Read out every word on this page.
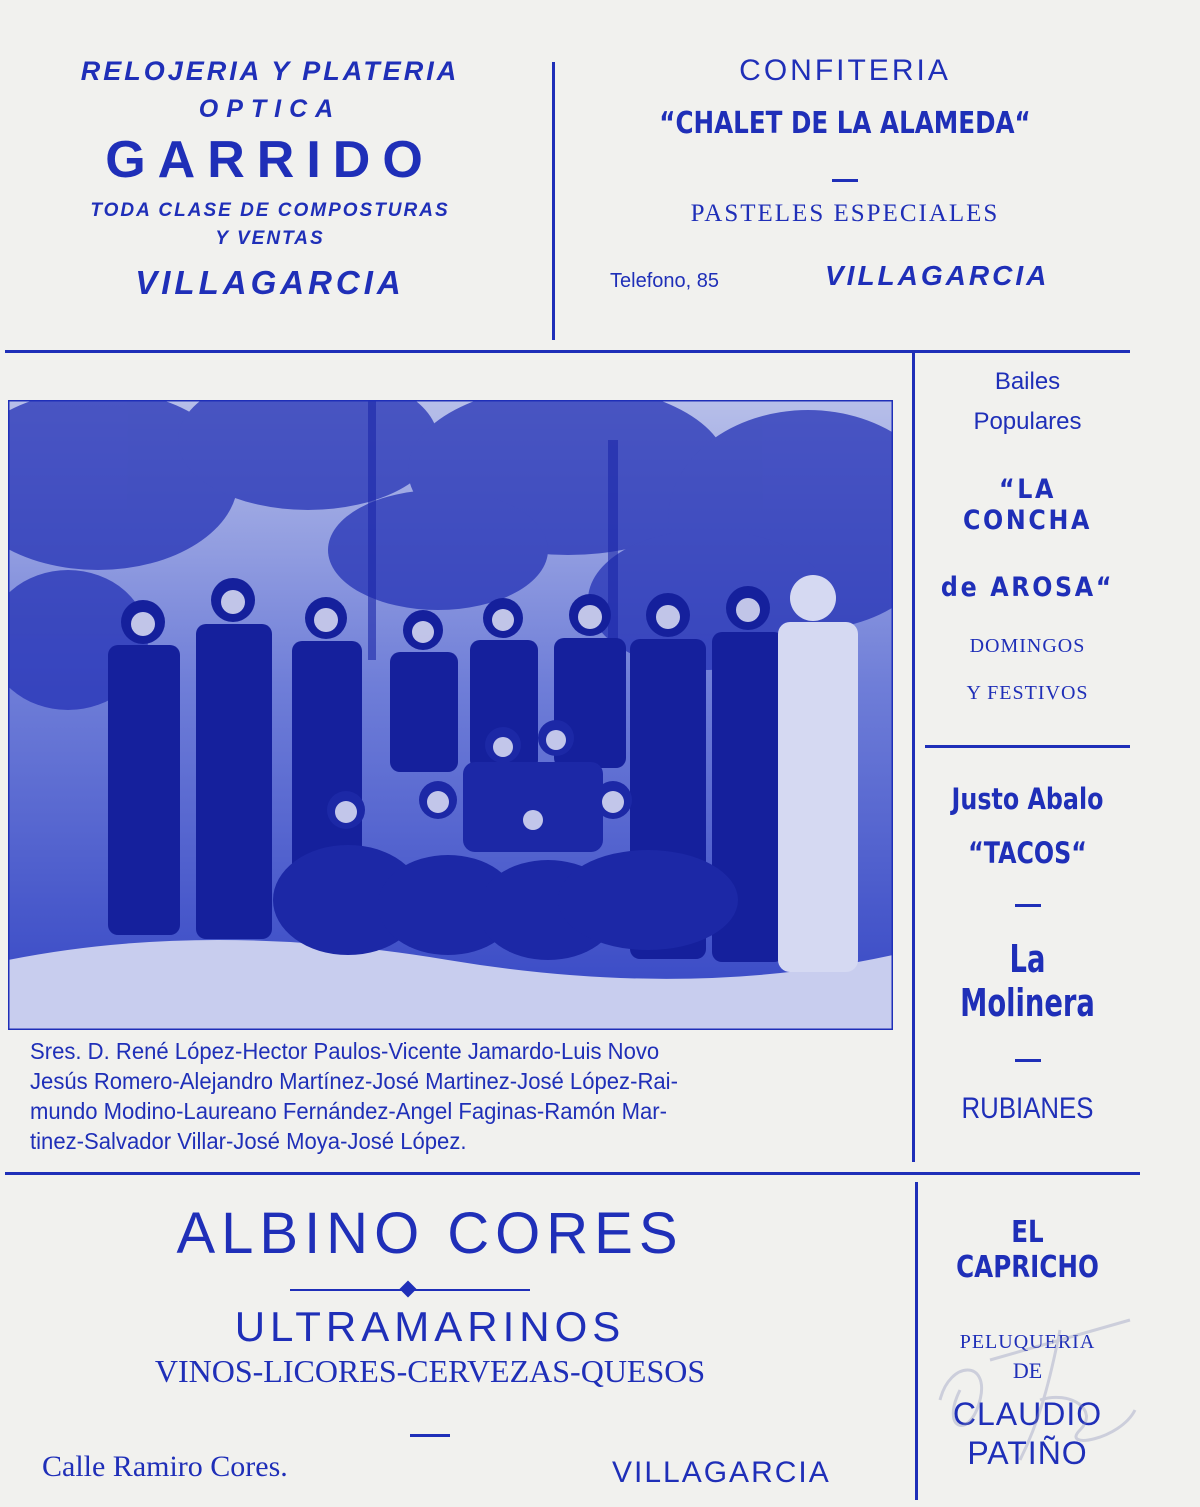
RELOJERIA Y PLATERIA
OPTICA
GARRIDO
TODA CLASE DE COMPOSTURAS
Y VENTAS
VILLAGARCIA
CONFITERIA
“CHALET DE LA ALAMEDA“
PASTELES ESPECIALES
Telefono, 85	VILLAGARCIA
Sres. D. René López-Hector Paulos-Vicente Jamardo-Luis Novo
Jesús Romero-Alejandro Martínez-José Martinez-José López-Rai-
mundo Modino-Laureano Fernández-Angel Faginas-Ramón Mar-
tinez-Salvador Villar-José Moya-José López.
Bailes
Populares
“LA CONCHA
de AROSA“
DOMINGOS
Y FESTIVOS
Justo Abalo
“TACOS“
La Molinera
RUBIANES
ALBINO CORES
ULTRAMARINOS
VINOS-LICORES-CERVEZAS-QUESOS
Calle Ramiro Cores.	VILLAGARCIA
EL CAPRICHO
PELUQUERIA
DE
CLAUDIO
PATIÑO
